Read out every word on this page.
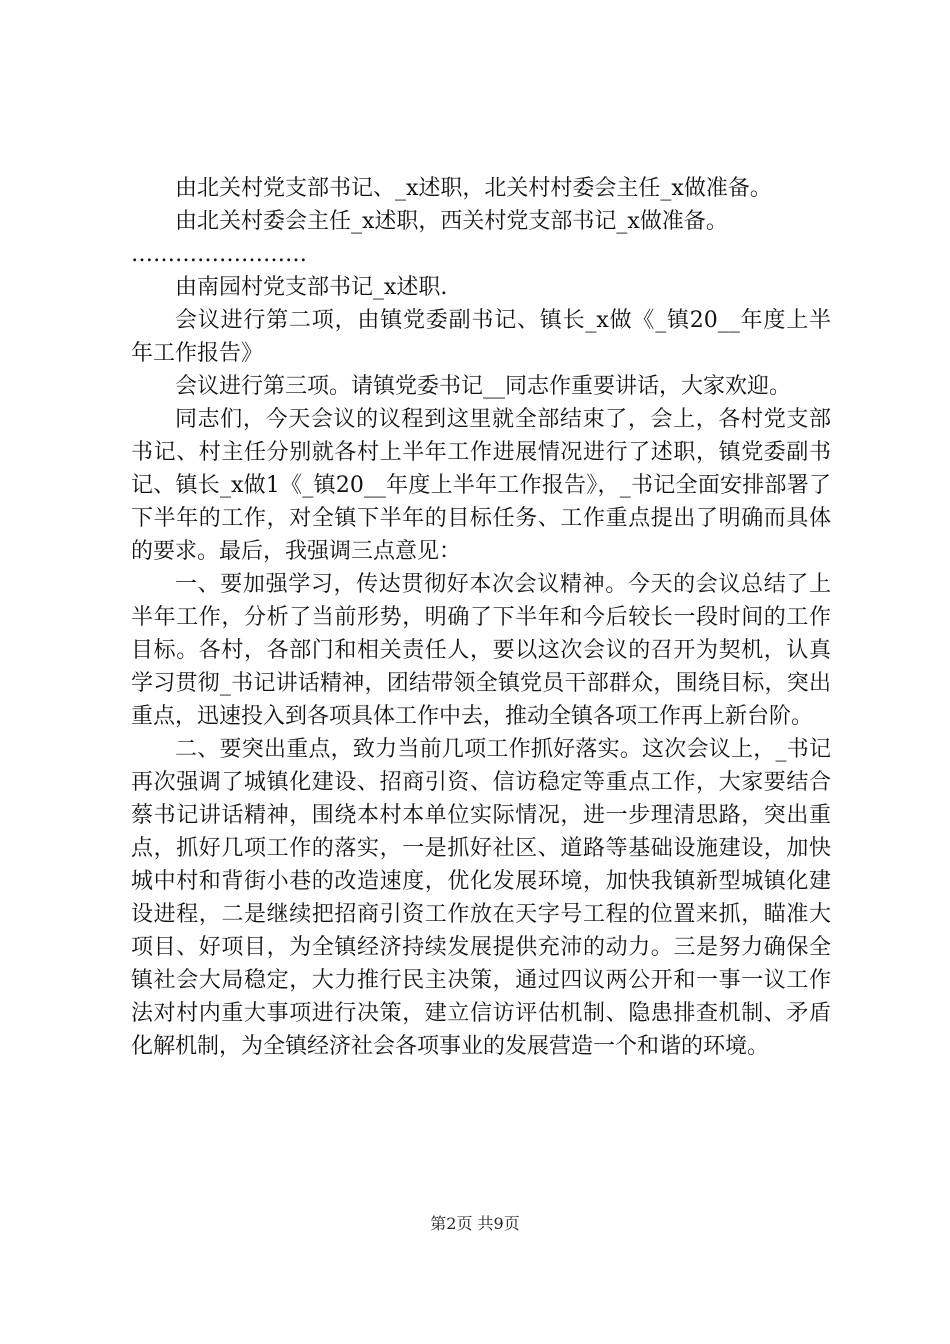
由北关村党支部书记、_x述职，北关村村委会主任_x做准备。

由北关村委会主任_x述职，西关村党支部书记_x做准备。

……………………

由南园村党支部书记_x述职.

会议进行第二项，由镇党委副书记、镇长_x做《_镇20__年度上半年工作报告》

会议进行第三项。请镇党委书记__同志作重要讲话，大家欢迎。

同志们，今天会议的议程到这里就全部结束了，会上，各村党支部书记、村主任分别就各村上半年工作进展情况进行了述职，镇党委副书记、镇长_x做1《_镇20__年度上半年工作报告》，_书记全面安排部署了下半年的工作，对全镇下半年的目标任务、工作重点提出了明确而具体的要求。最后，我强调三点意见：

一、要加强学习，传达贯彻好本次会议精神。今天的会议总结了上半年工作，分析了当前形势，明确了下半年和今后较长一段时间的工作目标。各村，各部门和相关责任人，要以这次会议的召开为契机，认真学习贯彻_书记讲话精神，团结带领全镇党员干部群众，围绕目标，突出重点，迅速投入到各项具体工作中去，推动全镇各项工作再上新台阶。

二、要突出重点，致力当前几项工作抓好落实。这次会议上，_书记再次强调了城镇化建设、招商引资、信访稳定等重点工作，大家要结合蔡书记讲话精神，围绕本村本单位实际情况，进一步理清思路，突出重点，抓好几项工作的落实，一是抓好社区、道路等基础设施建设，加快城中村和背街小巷的改造速度，优化发展环境，加快我镇新型城镇化建设进程，二是继续把招商引资工作放在天字号工程的位置来抓，瞄准大项目、好项目，为全镇经济持续发展提供充沛的动力。三是努力确保全镇社会大局稳定，大力推行民主决策，通过四议两公开和一事一议工作法对村内重大事项进行决策，建立信访评估机制、隐患排查机制、矛盾化解机制，为全镇经济社会各项事业的发展营造一个和谐的环境。

第2页 共9页
